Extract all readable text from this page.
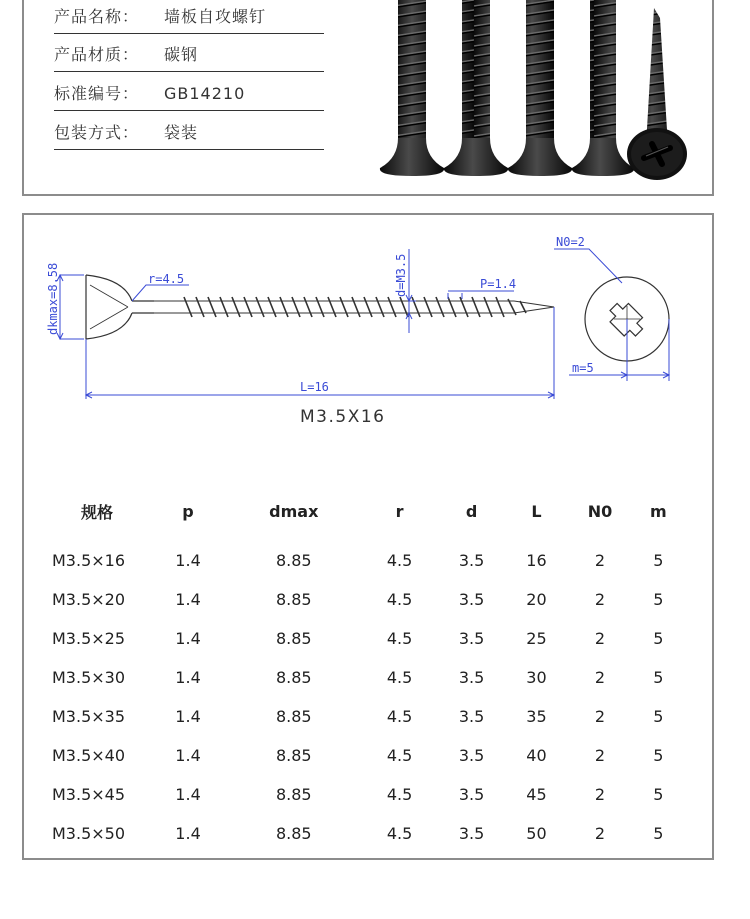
产品名称： 墙板自攻螺钉
产品材质： 碳钢
标准编号： GB14210
包装方式： 袋装
dkmax=8.58	r=4.5	d=M3.5	P=1.4
L=16
N0=2
m=5
M3.5X16
规格	p	dmax	r	d	L	N0	m
M3.5×16	1.4	8.85	4.5	3.5	16	2	5
M3.5×20	1.4	8.85	4.5	3.5	20	2	5
M3.5×25	1.4	8.85	4.5	3.5	25	2	5
M3.5×30	1.4	8.85	4.5	3.5	30	2	5
M3.5×35	1.4	8.85	4.5	3.5	35	2	5
M3.5×40	1.4	8.85	4.5	3.5	40	2	5
M3.5×45	1.4	8.85	4.5	3.5	45	2	5
M3.5×50	1.4	8.85	4.5	3.5	50	2	5
